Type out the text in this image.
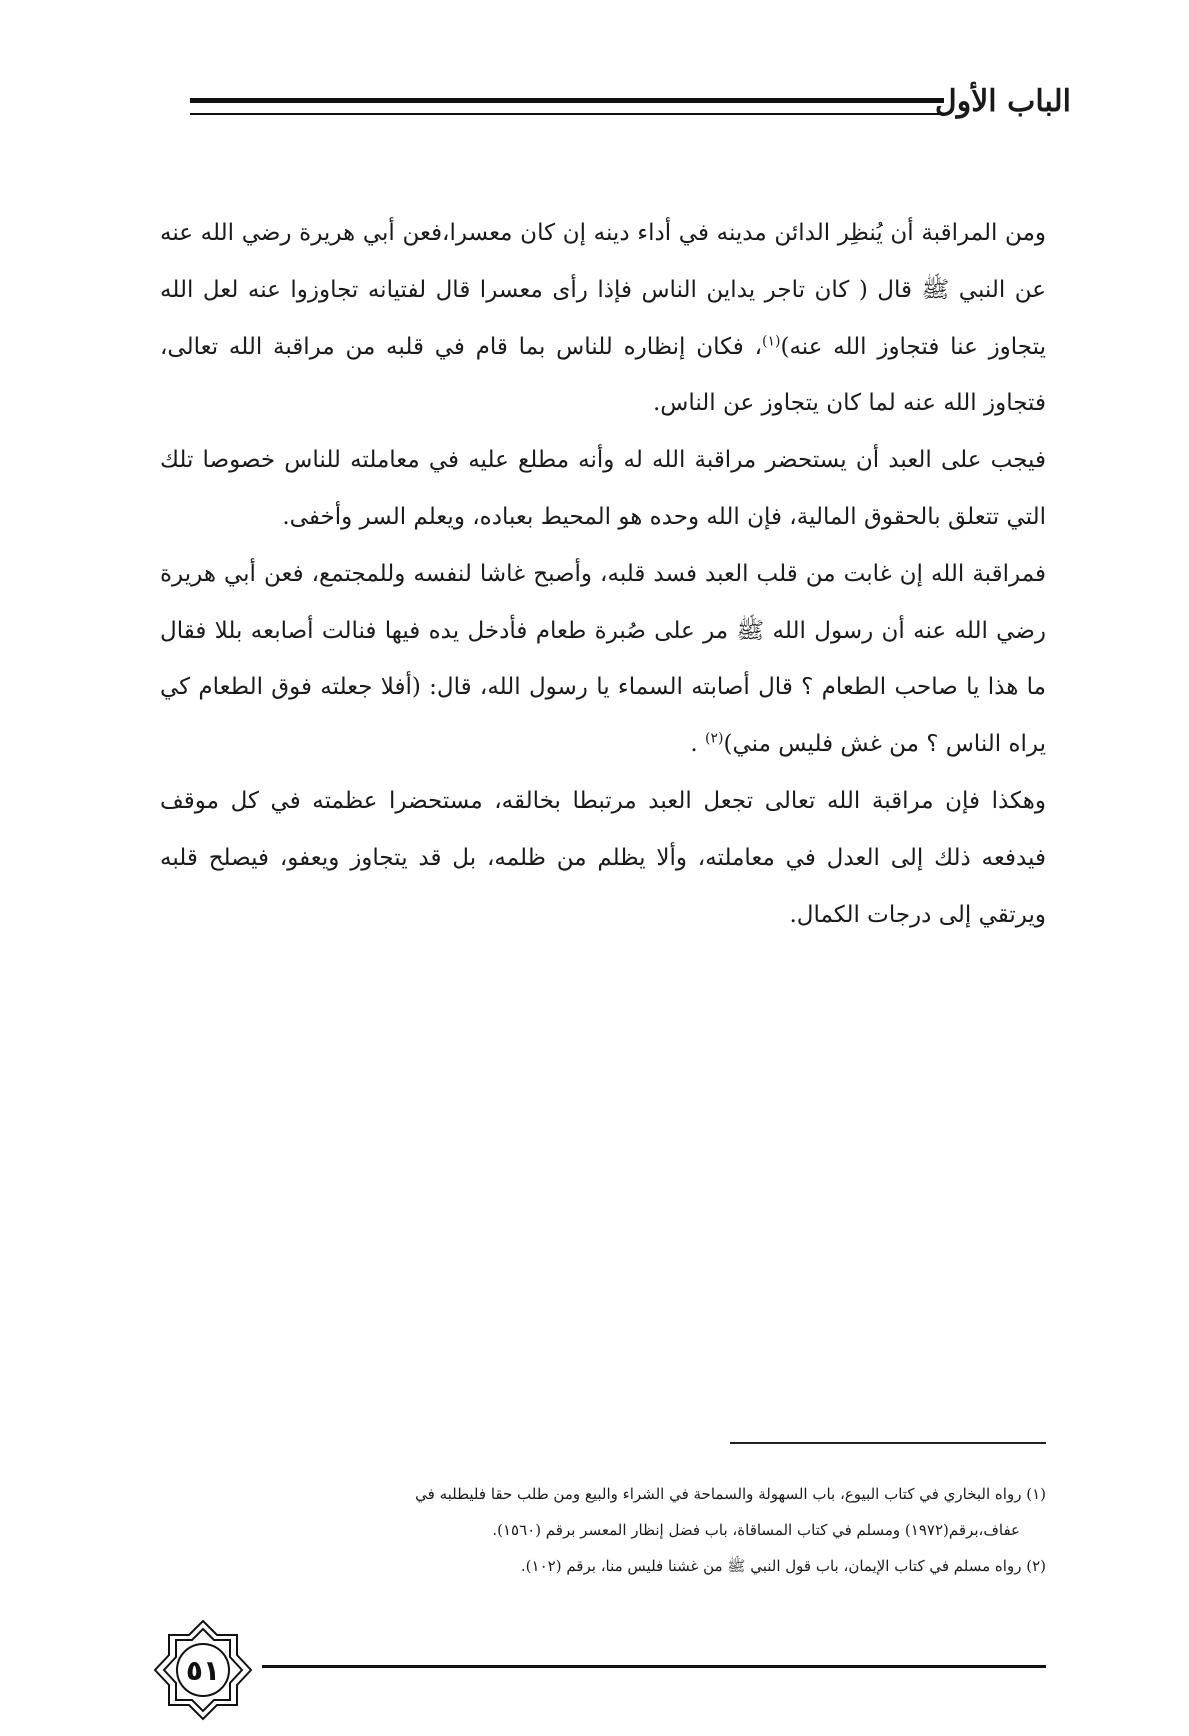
الباب الأول

ومن المراقبة أن يُنظِر الدائن مدينه في أداء دينه إن كان معسرا،فعن أبي هريرة رضي الله عنه عن النبي ﷺ قال ( كان تاجر يداين الناس فإذا رأى معسرا قال لفتيانه تجاوزوا عنه لعل الله يتجاوز عنا فتجاوز الله عنه)$^{(١)}$، فكان إنظاره للناس بما قام في قلبه من مراقبة الله تعالى، فتجاوز الله عنه لما كان يتجاوز عن الناس.

فيجب على العبد أن يستحضر مراقبة الله له وأنه مطلع عليه في معاملته للناس خصوصا تلك التي تتعلق بالحقوق المالية، فإن الله وحده هو المحيط بعباده، ويعلم السر وأخفى.

فمراقبة الله إن غابت من قلب العبد فسد قلبه، وأصبح غاشا لنفسه وللمجتمع، فعن أبي هريرة رضي الله عنه أن رسول الله ﷺ مر على صُبرة طعام فأدخل يده فيها فنالت أصابعه بللا فقال ما هذا يا صاحب الطعام ؟ قال أصابته السماء يا رسول الله، قال: (أفلا جعلته فوق الطعام كي يراه الناس ؟ من غش فليس مني)$^{(٢)}$ .

وهكذا فإن مراقبة الله تعالى تجعل العبد مرتبطا بخالقه، مستحضرا عظمته في كل موقف فيدفعه ذلك إلى العدل في معاملته، وألا يظلم من ظلمه، بل قد يتجاوز ويعفو، فيصلح قلبه ويرتقي إلى درجات الكمال.

(١) رواه البخاري في كتاب البيوع، باب السهولة والسماحة في الشراء والبيع ومن طلب حقا فليطلبه في

عفاف،برقم(١٩٧٢) ومسلم في كتاب المساقاة، باب فضل إنظار المعسر برقم (١٥٦٠).

(٢) رواه مسلم في كتاب الإيمان، باب قول النبي ﷺ من غشنا فليس منا، برقم (١٠٢).

٥١
